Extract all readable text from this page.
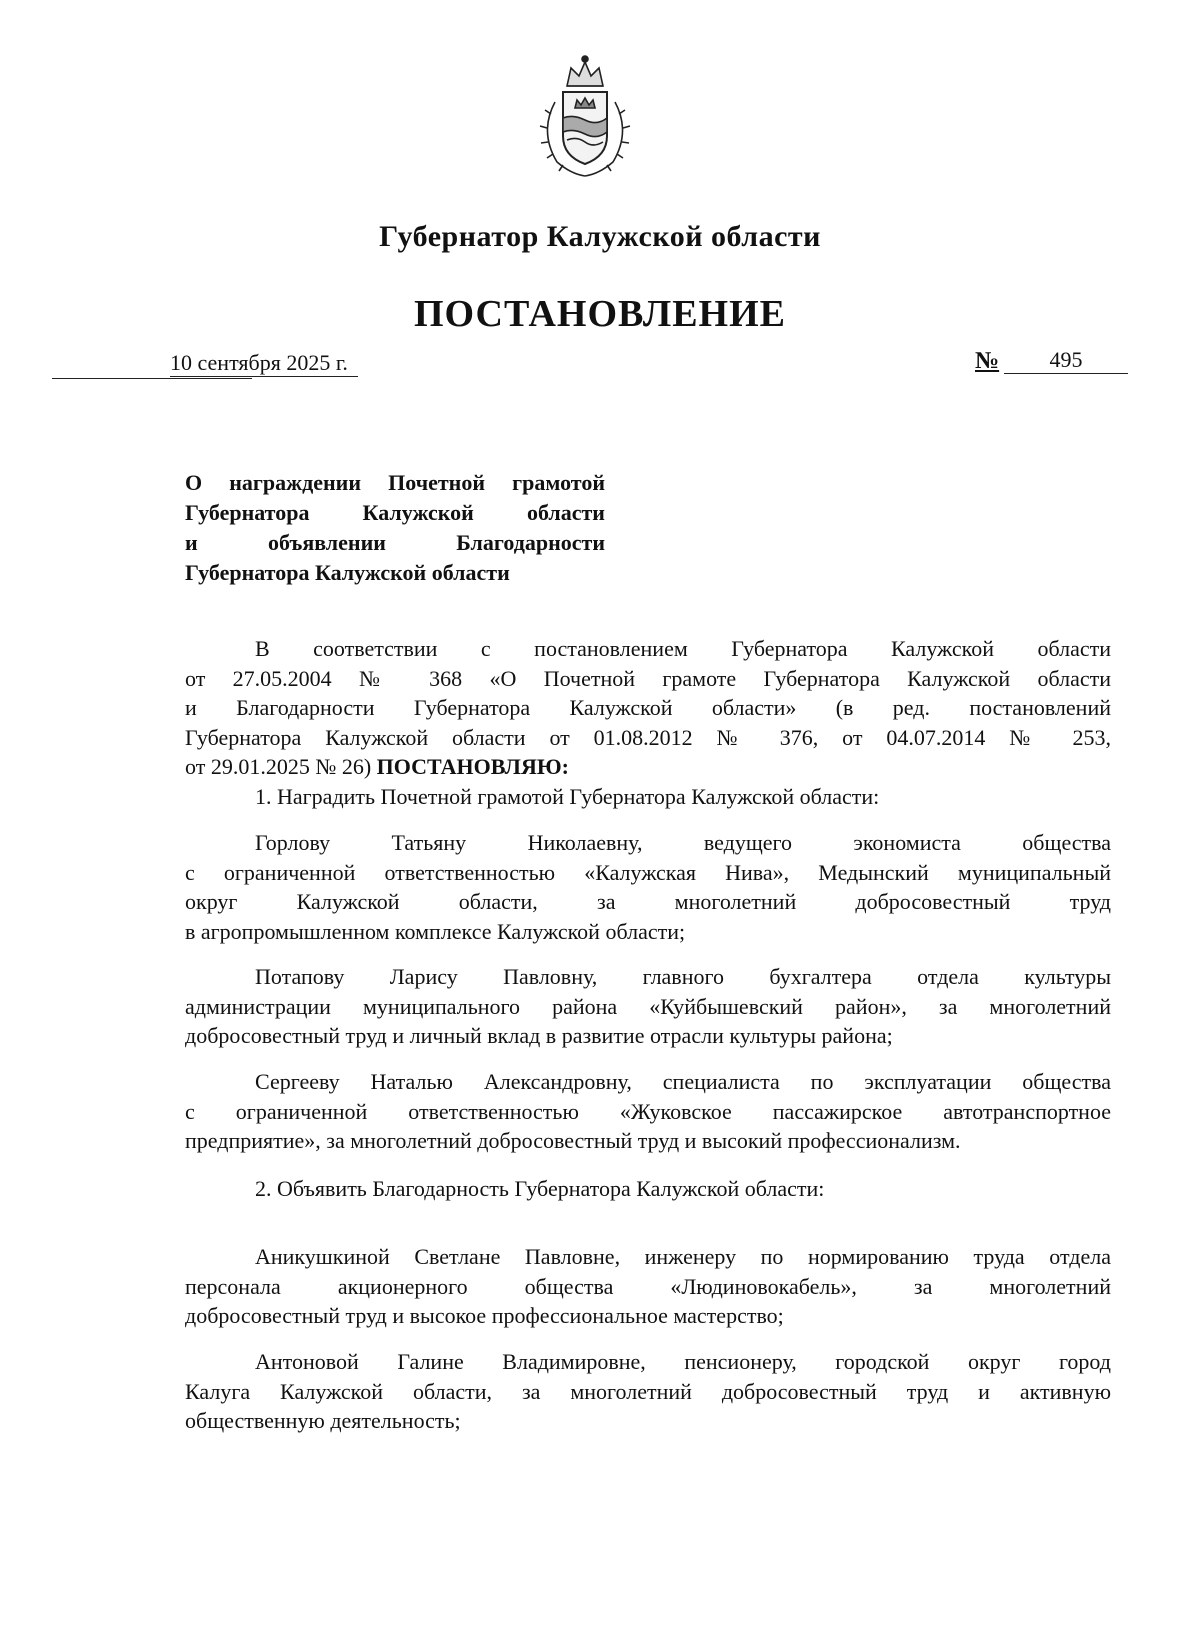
Губернатор Калужской области
ПОСТАНОВЛЕНИЕ
10 сентября 2025 г.	№	495
О награждении Почетной грамотой
Губернатора Калужской области
и объявлении Благодарности
Губернатора Калужской области
В соответствии с постановлением Губернатора Калужской области
от 27.05.2004 № 368 «О Почетной грамоте Губернатора Калужской области
и Благодарности Губернатора Калужской области» (в ред. постановлений
Губернатора Калужской области от 01.08.2012 № 376, от 04.07.2014 № 253,
от 29.01.2025 № 26) ПОСТАНОВЛЯЮ:
1. Наградить Почетной грамотой Губернатора Калужской области:
Горлову Татьяну Николаевну, ведущего экономиста общества
с ограниченной ответственностью «Калужская Нива», Медынский муниципальный
округ Калужской области, за многолетний добросовестный труд
в агропромышленном комплексе Калужской области;
Потапову Ларису Павловну, главного бухгалтера отдела культуры
администрации муниципального района «Куйбышевский район», за многолетний
добросовестный труд и личный вклад в развитие отрасли культуры района;
Сергееву Наталью Александровну, специалиста по эксплуатации общества
с ограниченной ответственностью «Жуковское пассажирское автотранспортное
предприятие», за многолетний добросовестный труд и высокий профессионализм.
2. Объявить Благодарность Губернатора Калужской области:
Аникушкиной Светлане Павловне, инженеру по нормированию труда отдела
персонала акционерного общества «Людиновокабель», за многолетний
добросовестный труд и высокое профессиональное мастерство;
Антоновой Галине Владимировне, пенсионеру, городской округ город
Калуга Калужской области, за многолетний добросовестный труд и активную
общественную деятельность;
